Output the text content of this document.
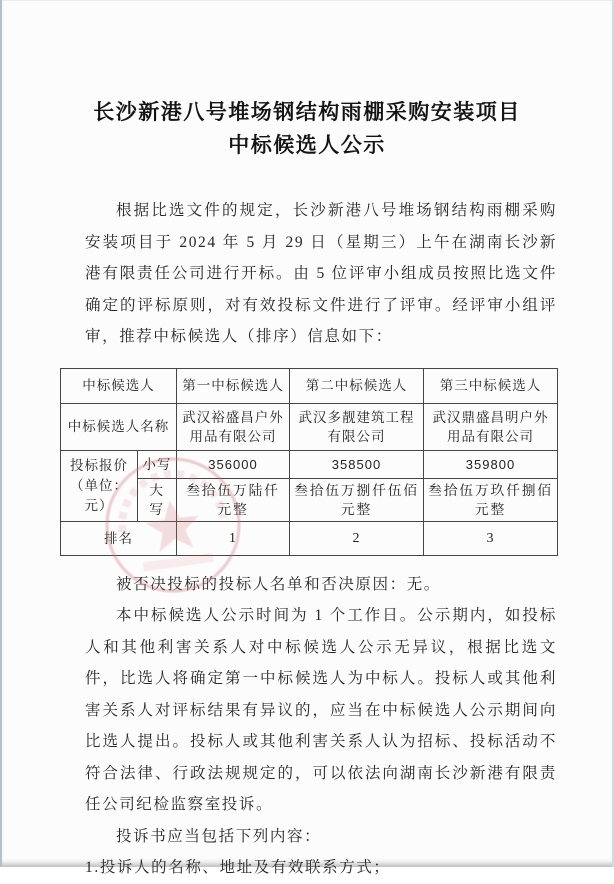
长沙新港八号堆场钢结构雨棚采购安装项目
中标候选人公示

根据比选文件的规定，长沙新港八号堆场钢结构雨棚采购安装项目于 2024 年 5 月 29 日（星期三）上午在湖南长沙新港有限责任公司进行开标。由 5 位评审小组成员按照比选文件确定的评标原则，对有效投标文件进行了评审。经评审小组评审，推荐中标候选人（排序）信息如下：

中标候选人		第一中标候选人	第二中标候选人	第三中标候选人
中标候选人名称		武汉裕盛昌户外用品有限公司	武汉多靓建筑工程有限公司	武汉鼎盛昌明户外用品有限公司

投标报价
（单位：元）	小写	356000	358500	359800
	大写	叁拾伍万陆仟元整	叁拾伍万捌仟伍佰元整	叁拾伍万玖仟捌佰元整
排名		1	2	3

被否决投标的投标人名单和否决原因：无。

本中标候选人公示时间为 1 个工作日。公示期内，如投标人和其他利害关系人对中标候选人公示无异议，根据比选文件，比选人将确定第一中标候选人为中标人。投标人或其他利害关系人对评标结果有异议的，应当在中标候选人公示期间向比选人提出。投标人或其他利害关系人认为招标、投标活动不符合法律、行政法规规定的，可以依法向湖南长沙新港有限责任公司纪检监察室投诉。

投诉书应当包括下列内容：

1.投诉人的名称、地址及有效联系方式；
